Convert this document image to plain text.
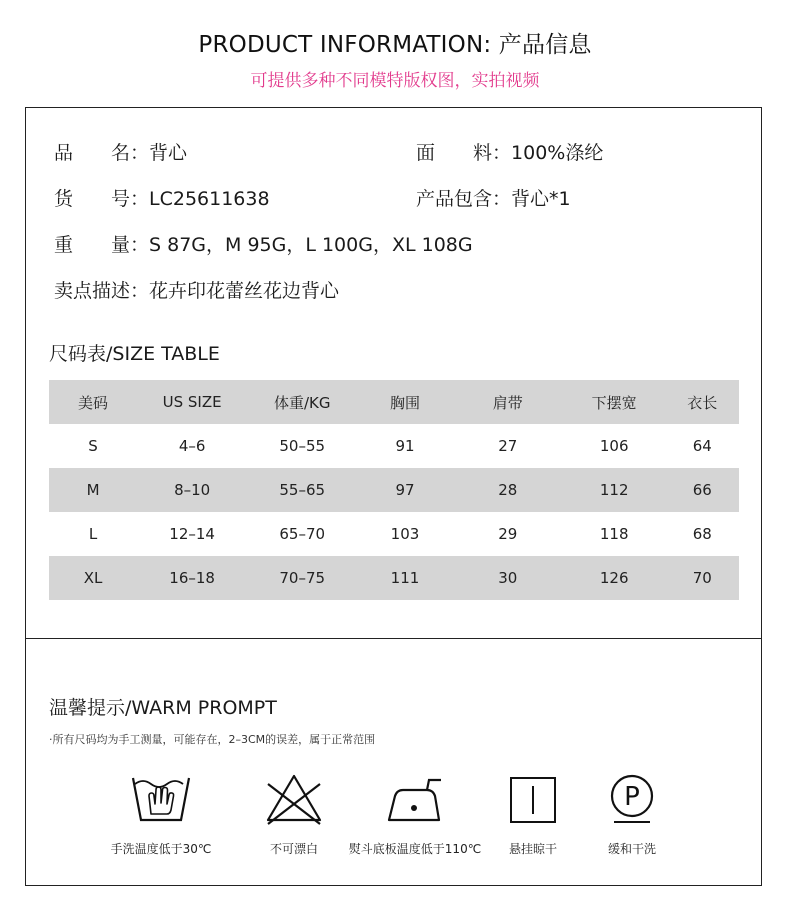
PRODUCT INFORMATION: 产品信息
可提供多种不同模特版权图，实拍视频
品　　名：背心	面　　料：100%涤纶
货　　号：LC25611638	产品包含：背心*1
重　　量：S 87G，M 95G，L 100G，XL 108G
卖点描述：花卉印花蕾丝花边背心
尺码表/SIZE TABLE
美码	US SIZE	体重/KG	胸围	肩带	下摆宽	衣长
S	4–6	50–55	91	27	106	64
M	8–10	55–65	97	28	112	66
L	12–14	65–70	103	29	118	68
XL	16–18	70–75	111	30	126	70
温馨提示/WARM PROMPT
·所有尺码均为手工测量，可能存在，2–3CM的误差，属于正常范围
手洗温度低于30℃	不可漂白	熨斗底板温度低于110℃	悬挂晾干
P
缓和干洗
